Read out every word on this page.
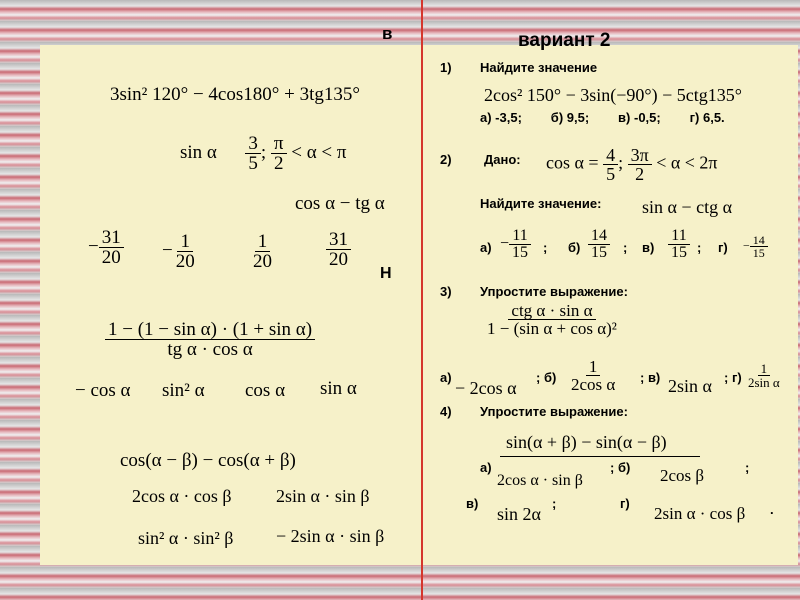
в
3sin² 120° − 4cos180° + 3tg135°
sin α $\frac{3}{5}$ ; $\frac{\pi}{2} < \alpha < \pi$
cos α − tg α
− $\frac{31}{20} - \frac{1}{20}$	$\frac{1}{20}$	$\frac{31}{20}$
Н
$\frac{\text{1 − (1 − sin α) · (1 + sin α)}}{\text{tg α · cos α}}$
− cos α sin² α cos α sin α
cos(α − β) − cos(α + β)
2cos α · cos β 2sin α · sin β
sin² α · sin² β − 2sin α · sin β
вариант 2
1) Найдите значение
2cos² 150° − 3sin(−90°) − 5ctg135°
а) -3,5;        б) 9,5;        в) -0,5;        г) 6,5.
2) Дано: $\cos \alpha = \frac{4}{5}$ ; $\frac{3\pi}{2} < \alpha < 2\pi$
Найдите значение: sin α − ctg α
$а) - \frac{11}{15}$ ; $б) \frac{14}{15}$ ; $в) \frac{11}{15}$ ; $г) - \frac{14}{15}$
3) Упростите выражение:
$\frac{\text{ctg α · sin α}}{\text{1 − (sin α + cos α)²}}$
а)
− 2cos α
; $б) \frac{1}{\text{2cos α}}$ ; в) 2sin α ; $г) \frac{1}{\text{2sin α}}$
4) Упростите выражение:
sin(α + β) − sin(α − β)
а)
2cos α · sin β
; б) 2cos β	;
в)
sin 2α
;	г)
2sin α · cos β .
